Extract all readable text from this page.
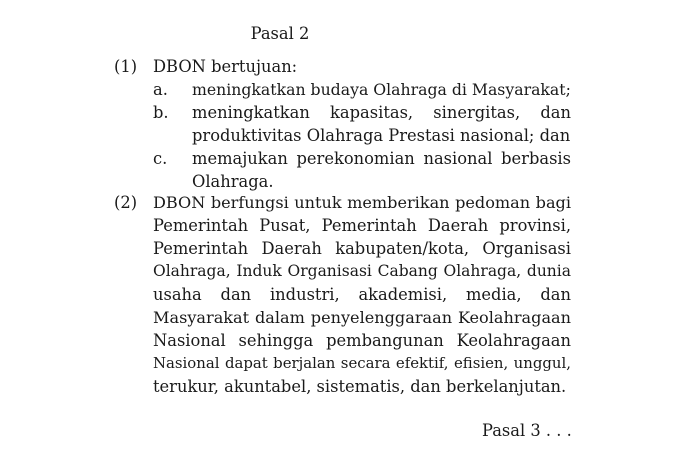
Pasal 2
(1) DBON bertujuan:
a. meningkatkan budaya Olahraga di Masyarakat;
b. meningkatkan kapasitas, sinergitas, dan
produktivitas Olahraga Prestasi nasional; dan
c. memajukan perekonomian nasional berbasis
Olahraga.
(2) DBON berfungsi untuk memberikan pedoman bagi
Pemerintah Pusat, Pemerintah Daerah provinsi,
Pemerintah Daerah kabupaten/kota, Organisasi
Olahraga, Induk Organisasi Cabang Olahraga, dunia
usaha dan industri, akademisi, media, dan
Masyarakat dalam penyelenggaraan Keolahragaan
Nasional sehingga pembangunan Keolahragaan
Nasional dapat berjalan secara efektif, efisien, unggul,
terukur, akuntabel, sistematis, dan berkelanjutan.
Pasal 3 . . .
